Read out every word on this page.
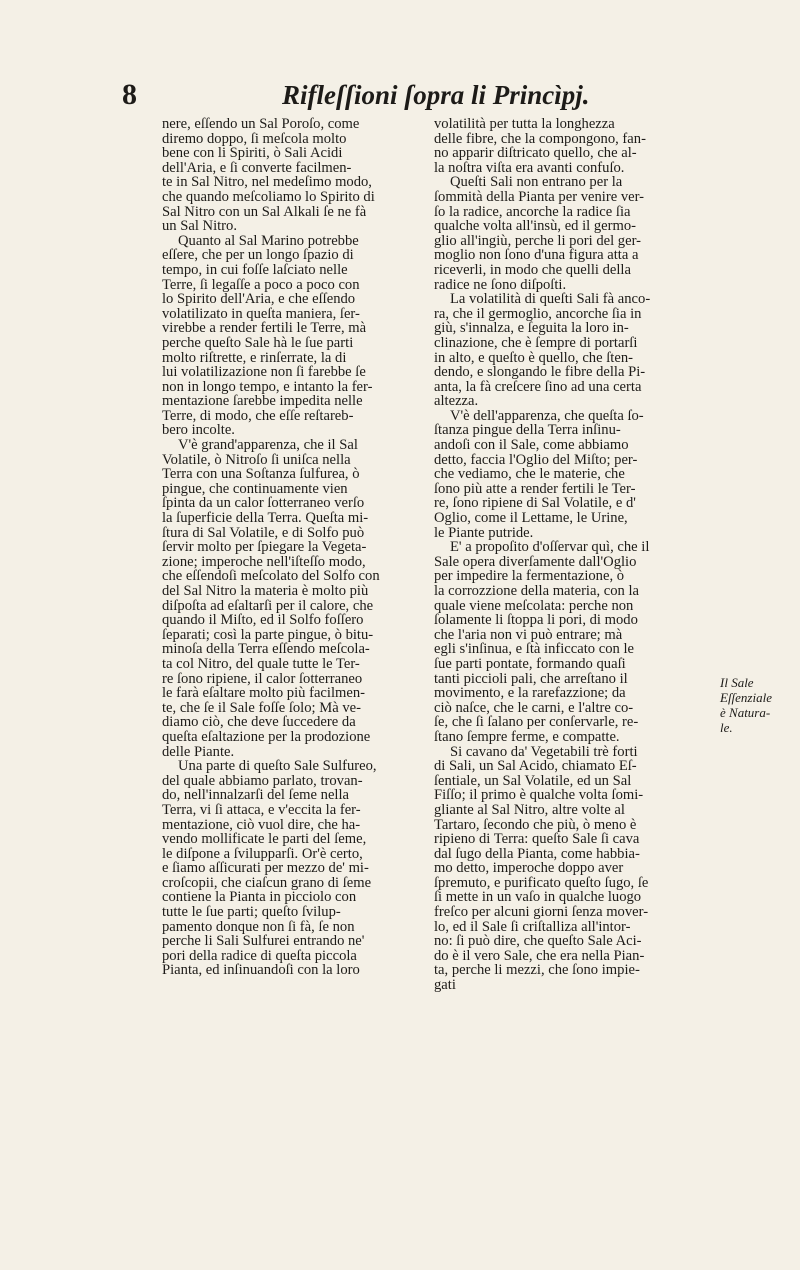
8	Rifleſſioni ſopra li Princìpj.

nere, eſſendo un Sal Poroſo, come

diremo doppo, ſi meſcola molto

bene con li Spiriti, ò Sali Acidi

dell'Aria, e ſi converte facilmen-

te in Sal Nitro, nel medeſimo modo,

che quando meſcoliamo lo Spirito di

Sal Nitro con un Sal Alkali ſe ne fà

un Sal Nitro.

Quanto al Sal Marino potrebbe

eſſere, che per un longo ſpazio di

tempo, in cui foſſe laſciato nelle

Terre, ſi legaſſe a poco a poco con

lo Spirito dell'Aria, e che eſſendo

volatilizato in queſta maniera, ſer-

virebbe a render fertili le Terre, mà

perche queſto Sale hà le ſue parti

molto riſtrette, e rinſerrate, la di

lui volatilizazione non ſi farebbe ſe

non in longo tempo, e intanto la fer-

mentazione ſarebbe impedita nelle

Terre, di modo, che eſſe reſtareb-

bero incolte.

V'è grand'apparenza, che il Sal

Volatile, ò Nitroſo ſi uniſca nella

Terra con una Soſtanza ſulfurea, ò

pingue, che continuamente vien

ſpinta da un calor ſotterraneo verſo

la ſuperficie della Terra. Queſta mi-

ſtura di Sal Volatile, e di Solfo può

ſervir molto per ſpiegare la Vegeta-

zione; imperoche nell'iſteſſo modo,

che eſſendoſi meſcolato del Solfo con

del Sal Nitro la materia è molto più

diſpoſta ad eſaltarſi per il calore, che

quando il Miſto, ed il Solfo foſſero

ſeparati; così la parte pingue, ò bitu-

minoſa della Terra eſſendo meſcola-

ta col Nitro, del quale tutte le Ter-

re ſono ripiene, il calor ſotterraneo

le farà eſaltare molto più facilmen-

te, che ſe il Sale foſſe ſolo; Mà ve-

diamo ciò, che deve ſuccedere da

queſta eſaltazione per la prodozione

delle Piante.

Una parte di queſto Sale Sulfureo,

del quale abbiamo parlato, trovan-

do, nell'innalzarſi del ſeme nella

Terra, vi ſi attaca, e v'eccita la fer-

mentazione, ciò vuol dire, che ha-

vendo mollificate le parti del ſeme,

le diſpone a ſvilupparſi. Or'è certo,

e ſiamo aſſicurati per mezzo de' mi-

croſcopii, che ciaſcun grano di ſeme

contiene la Pianta in picciolo con

tutte le ſue parti; queſto ſvilup-

pamento donque non ſi fà, ſe non

perche li Sali Sulfurei entrando ne'

pori della radice di queſta piccola

Pianta, ed inſinuandoſi con la loro

volatilità per tutta la longhezza

delle fibre, che la compongono, fan-

no apparir diſtricato quello, che al-

la noſtra viſta era avanti confuſo.

Queſti Sali non entrano per la

ſommità della Pianta per venire ver-

ſo la radice, ancorche la radice ſia

qualche volta all'insù, ed il germo-

glio all'ingiù, perche li pori del ger-

moglio non ſono d'una figura atta a

riceverli, in modo che quelli della

radice ne ſono diſpoſti.

La volatilità di queſti Sali fà anco-

ra, che il germoglio, ancorche ſia in

giù, s'innalza, e ſeguita la loro in-

clinazione, che è ſempre di portarſi

in alto, e queſto è quello, che ſten-

dendo, e slongando le fibre della Pi-

anta, la fà creſcere ſino ad una certa

altezza.

V'è dell'apparenza, che queſta ſo-

ſtanza pingue della Terra inſinu-

andoſi con il Sale, come abbiamo

detto, faccia l'Oglio del Miſto; per-

che vediamo, che le materie, che

ſono più atte a render fertili le Ter-

re, ſono ripiene di Sal Volatile, e d'

Oglio, come il Lettame, le Urine,

le Piante putride.

E' a propoſito d'oſſervar quì, che il

Sale opera diverſamente dall'Oglio

per impedire la fermentazione, ò

la corrozzione della materia, con la

quale viene meſcolata: perche non

ſolamente li ſtoppa li pori, di modo

che l'aria non vi può entrare; mà

egli s'inſinua, e ſtà inficcato con le

ſue parti pontate, formando quaſi

tanti piccioli pali, che arreſtano il

movimento, e la rarefazzione; da

ciò naſce, che le carni, e l'altre co-

ſe, che ſi ſalano per conſervarle, re-

ſtano ſempre ferme, e compatte.

Si cavano da' Vegetabili trè forti

di Sali, un Sal Acido, chiamato Eſ-

ſentiale, un Sal Volatile, ed un Sal

Fiſſo; il primo è qualche volta ſomi-

gliante al Sal Nitro, altre volte al

Tartaro, ſecondo che più, ò meno è

ripieno di Terra: queſto Sale ſi cava

dal ſugo della Pianta, come habbia-

mo detto, imperoche doppo aver

ſpremuto, e purificato queſto ſugo, ſe

ſi mette in un vaſo in qualche luogo

freſco per alcuni giorni ſenza mover-

lo, ed il Sale ſi criſtalliza all'intor-

no: ſi può dire, che queſto Sale Aci-

do è il vero Sale, che era nella Pian-

ta, perche li mezzi, che ſono impie-

gati

Il Sale
Eſſenziale
è Natura-
le.
